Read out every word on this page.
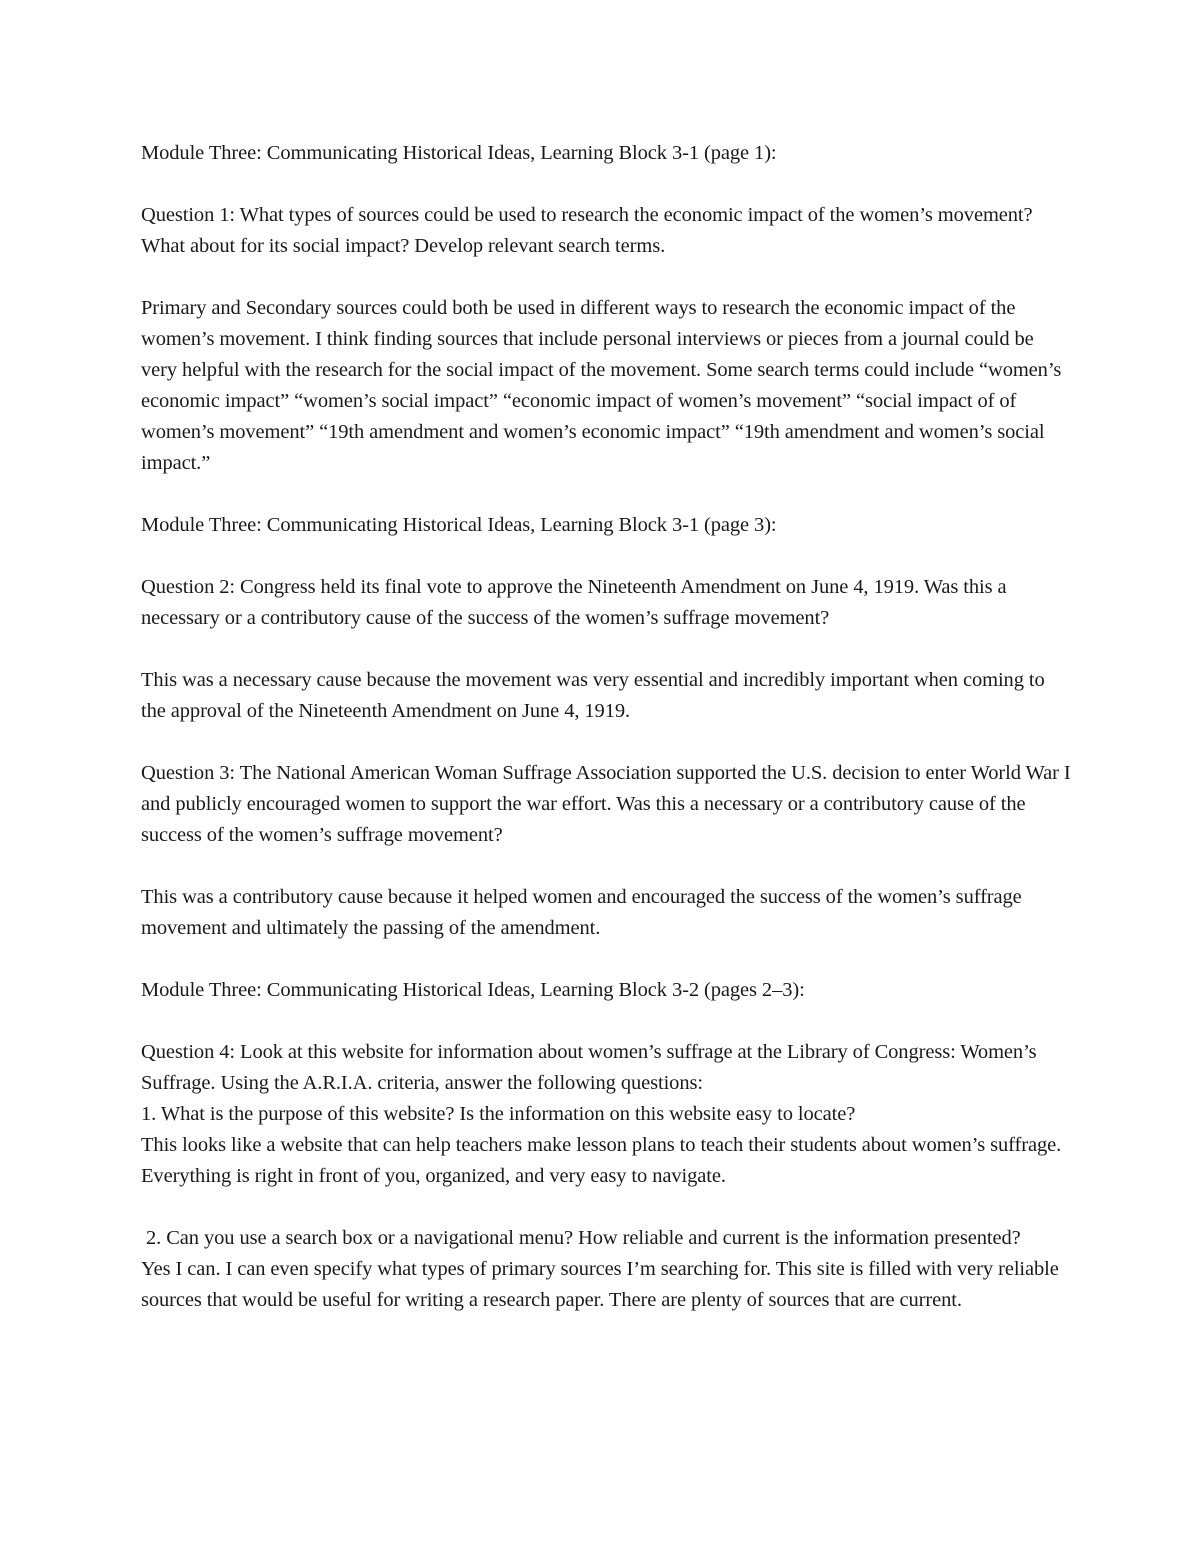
Module Three: Communicating Historical Ideas, Learning Block 3-1 (page 1):

Question 1: What types of sources could be used to research the economic impact of the women’s movement? What about for its social impact? Develop relevant search terms.

Primary and Secondary sources could both be used in different ways to research the economic impact of the women’s movement. I think finding sources that include personal interviews or pieces from a journal could be very helpful with the research for the social impact of the movement. Some search terms could include “women’s economic impact” “women’s social impact” “economic impact of women’s movement” “social impact of of women’s movement” “19th amendment and women’s economic impact” “19th amendment and women’s social impact.”

Module Three: Communicating Historical Ideas, Learning Block 3-1 (page 3):

Question 2: Congress held its final vote to approve the Nineteenth Amendment on June 4, 1919. Was this a necessary or a contributory cause of the success of the women’s suffrage movement?

This was a necessary cause because the movement was very essential and incredibly important when coming to the approval of the Nineteenth Amendment on June 4, 1919.

Question 3: The National American Woman Suffrage Association supported the U.S. decision to enter World War I and publicly encouraged women to support the war effort. Was this a necessary or a contributory cause of the success of the women’s suffrage movement?

This was a contributory cause because it helped women and encouraged the success of the women’s suffrage movement and ultimately the passing of the amendment.

Module Three: Communicating Historical Ideas, Learning Block 3-2 (pages 2–3):

Question 4: Look at this website for information about women’s suffrage at the Library of Congress: Women’s Suffrage. Using the A.R.I.A. criteria, answer the following questions:

1. What is the purpose of this website? Is the information on this website easy to locate?

This looks like a website that can help teachers make lesson plans to teach their students about women’s suffrage. Everything is right in front of you, organized, and very easy to navigate.

2. Can you use a search box or a navigational menu? How reliable and current is the information presented?

Yes I can. I can even specify what types of primary sources I’m searching for. This site is filled with very reliable sources that would be useful for writing a research paper. There are plenty of sources that are current.
